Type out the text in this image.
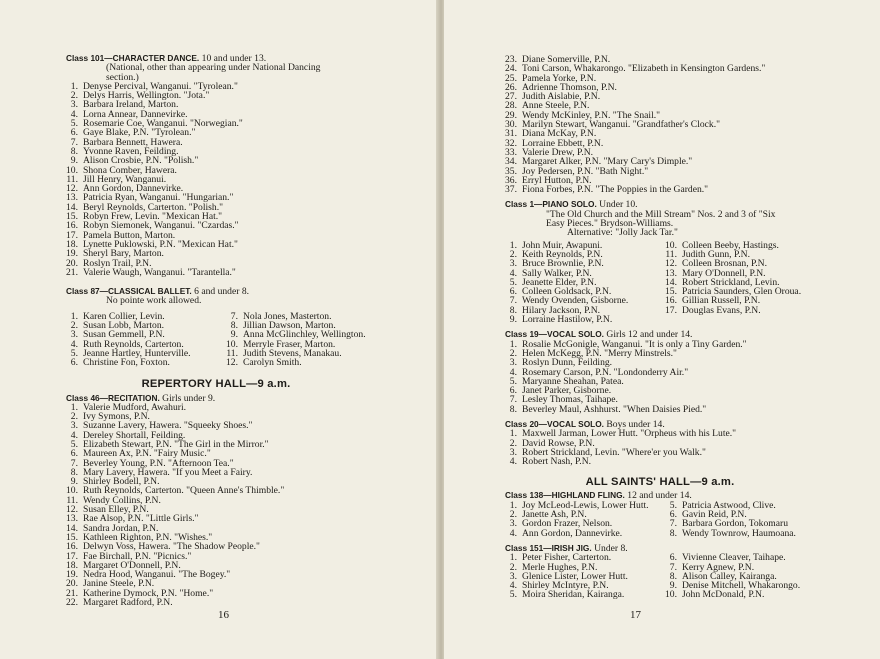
Class 101—CHARACTER DANCE. 10 and under 13.
(National, other than appearing under National Dancing
section.)
1. Denyse Percival, Wanganui. "Tyrolean."
2. Delys Harris, Wellington. "Jota."
3. Barbara Ireland, Marton.
4. Lorna Annear, Dannevirke.
5. Rosemarie Coe, Wanganui. "Norwegian."
6. Gaye Blake, P.N. "Tyrolean."
7. Barbara Bennett, Hawera.
8. Yvonne Raven, Feilding.
9. Alison Crosbie, P.N. "Polish."
10. Shona Comber, Hawera.
11. Jill Henry, Wanganui.
12. Ann Gordon, Dannevirke.
13. Patricia Ryan, Wanganui. "Hungarian."
14. Beryl Reynolds, Carterton. "Polish."
15. Robyn Frew, Levin. "Mexican Hat."
16. Robyn Siemonek, Wanganui. "Czardas."
17. Pamela Button, Marton.
18. Lynette Puklowski, P.N. "Mexican Hat."
19. Sheryl Bary, Marton.
20. Roslyn Trail, P.N.
21. Valerie Waugh, Wanganui. "Tarantella."
Class 87—CLASSICAL BALLET. 6 and under 8.
No pointe work allowed.
1. Karen Collier, Levin.
2. Susan Lobb, Marton.
3. Susan Gemmell, P.N.
4. Ruth Reynolds, Carterton.
5. Jeanne Hartley, Hunterville.
6. Christine Fon, Foxton.
7. Nola Jones, Masterton.
8. Jillian Dawson, Marton.
9. Anna McGlinchley, Wellington.
10. Merryle Fraser, Marton.
11. Judith Stevens, Manakau.
12. Carolyn Smith.
REPERTORY HALL—9 a.m.
Class 46—RECITATION. Girls under 9.
1. Valerie Mudford, Awahuri.
2. Ivy Symons, P.N.
3. Suzanne Lavery, Hawera. "Squeeky Shoes."
4. Dereley Shortall, Feilding.
5. Elizabeth Stewart, P.N. "The Girl in the Mirror."
6. Maureen Ax, P.N. "Fairy Music."
7. Beverley Young, P.N. "Afternoon Tea."
8. Mary Lavery, Hawera. "If you Meet a Fairy.
9. Shirley Bodell, P.N.
10. Ruth Reynolds, Carterton. "Queen Anne's Thimble."
11. Wendy Collins, P.N.
12. Susan Elley, P.N.
13. Rae Alsop, P.N. "Little Girls."
14. Sandra Jordan, P.N.
15. Kathleen Righton, P.N. "Wishes."
16. Delwyn Voss, Hawera. "The Shadow People."
17. Fae Birchall, P.N. "Picnics."
18. Margaret O'Donnell, P.N.
19. Nedra Hood, Wanganui. "The Bogey."
20. Janine Steele, P.N.
21. Katherine Dymock, P.N. "Home."
22. Margaret Radford, P.N.
16
23. Diane Somerville, P.N.
24. Toni Carson, Whakarongo. "Elizabeth in Kensington Gardens."
25. Pamela Yorke, P.N.
26. Adrienne Thomson, P.N.
27. Judith Aislabie, P.N.
28. Anne Steele, P.N.
29. Wendy McKinley, P.N. "The Snail."
30. Marilyn Stewart, Wanganui. "Grandfather's Clock."
31. Diana McKay, P.N.
32. Lorraine Ebbett, P.N.
33. Valerie Drew, P.N.
34. Margaret Alker, P.N. "Mary Cary's Dimple."
35. Joy Pedersen, P.N. "Bath Night."
36. Erryl Hutton, P.N.
37. Fiona Forbes, P.N. "The Poppies in the Garden."
Class 1—PIANO SOLO. Under 10.
"The Old Church and the Mill Stream" Nos. 2 and 3 of "Six
Easy Pieces." Brydson-Williams.
Alternative: "Jolly Jack Tar."
1. John Muir, Awapuni.
2. Keith Reynolds, P.N.
3. Bruce Brownlie, P.N.
4. Sally Walker, P.N.
5. Jeanette Elder, P.N.
6. Colleen Goldsack, P.N.
7. Wendy Ovenden, Gisborne.
8. Hilary Jackson, P.N.
9. Lorraine Hastilow, P.N.
10. Colleen Beeby, Hastings.
11. Judith Gunn, P.N.
12. Colleen Brosnan, P.N.
13. Mary O'Donnell, P.N.
14. Robert Strickland, Levin.
15. Patricia Saunders, Glen Oroua.
16. Gillian Russell, P.N.
17. Douglas Evans, P.N.
Class 19—VOCAL SOLO. Girls 12 and under 14.
1. Rosalie McGonigle, Wanganui. "It is only a Tiny Garden."
2. Helen McKegg, P.N. "Merry Minstrels."
3. Roslyn Dunn, Feilding.
4. Rosemary Carson, P.N. "Londonderry Air."
5. Maryanne Sheahan, Patea.
6. Janet Parker, Gisborne.
7. Lesley Thomas, Taihape.
8. Beverley Maul, Ashhurst. "When Daisies Pied."
Class 20—VOCAL SOLO. Boys under 14.
1. Maxwell Jarman, Lower Hutt. "Orpheus with his Lute."
2. David Rowse, P.N.
3. Robert Strickland, Levin. "Where'er you Walk."
4. Robert Nash, P.N.
ALL SAINTS' HALL—9 a.m.
Class 138—HIGHLAND FLING. 12 and under 14.
1. Joy McLeod-Lewis, Lower Hutt.
2. Janette Ash, P.N.
3. Gordon Frazer, Nelson.
4. Ann Gordon, Dannevirke.
5. Patricia Astwood, Clive.
6. Gavin Reid, P.N.
7. Barbara Gordon, Tokomaru
8. Wendy Townrow, Haumoana.
Class 151—IRISH JIG. Under 8.
1. Peter Fisher, Carterton.
2. Merle Hughes, P.N.
3. Glenice Lister, Lower Hutt.
4. Shirley McIntyre, P.N.
5. Moira Sheridan, Kairanga.
6. Vivienne Cleaver, Taihape.
7. Kerry Agnew, P.N.
8. Alison Calley, Kairanga.
9. Denise Mitchell, Whakarongo.
10. John McDonald, P.N.
17
